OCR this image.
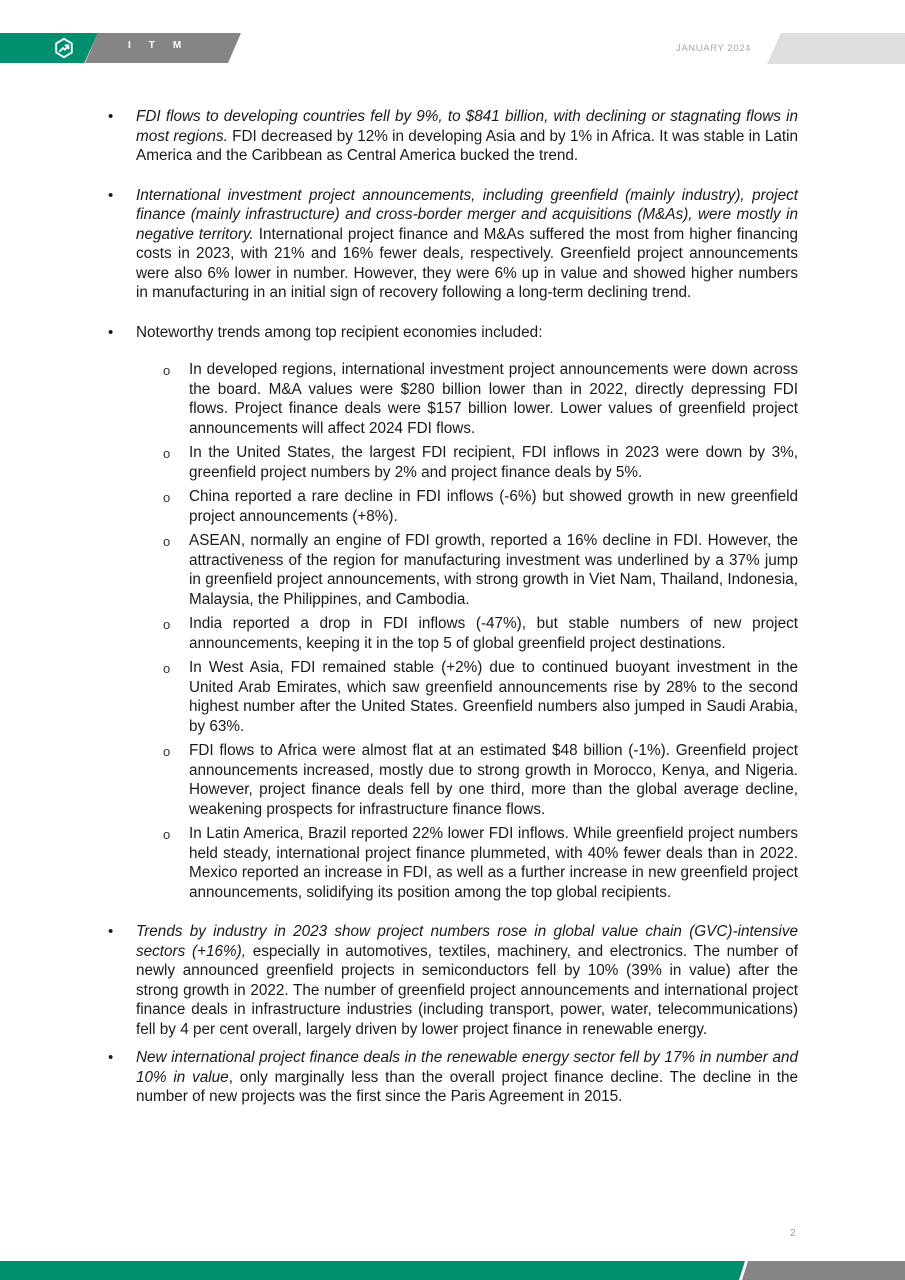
I T M	JANUARY 2024
• FDI flows to developing countries fell by 9%, to $841 billion, with declining or stagnating flows in most regions. FDI decreased by 12% in developing Asia and by 1% in Africa. It was stable in Latin America and the Caribbean as Central America bucked the trend.
• International investment project announcements, including greenfield (mainly industry), project finance (mainly infrastructure) and cross-border merger and acquisitions (M&As), were mostly in negative territory. International project finance and M&As suffered the most from higher financing costs in 2023, with 21% and 16% fewer deals, respectively. Greenfield project announcements were also 6% lower in number. However, they were 6% up in value and showed higher numbers in manufacturing in an initial sign of recovery following a long-term declining trend.
• Noteworthy trends among top recipient economies included:
o In developed regions, international investment project announcements were down across the board. M&A values were $280 billion lower than in 2022, directly depressing FDI flows. Project finance deals were $157 billion lower. Lower values of greenfield project announcements will affect 2024 FDI flows.
o In the United States, the largest FDI recipient, FDI inflows in 2023 were down by 3%, greenfield project numbers by 2% and project finance deals by 5%.
o China reported a rare decline in FDI inflows (-6%) but showed growth in new greenfield project announcements (+8%).
o ASEAN, normally an engine of FDI growth, reported a 16% decline in FDI. However, the attractiveness of the region for manufacturing investment was underlined by a 37% jump in greenfield project announcements, with strong growth in Viet Nam, Thailand, Indonesia, Malaysia, the Philippines, and Cambodia.
o India reported a drop in FDI inflows (-47%), but stable numbers of new project announcements, keeping it in the top 5 of global greenfield project destinations.
o In West Asia, FDI remained stable (+2%) due to continued buoyant investment in the United Arab Emirates, which saw greenfield announcements rise by 28% to the second highest number after the United States. Greenfield numbers also jumped in Saudi Arabia, by 63%.
o FDI flows to Africa were almost flat at an estimated $48 billion (-1%). Greenfield project announcements increased, mostly due to strong growth in Morocco, Kenya, and Nigeria. However, project finance deals fell by one third, more than the global average decline, weakening prospects for infrastructure finance flows.
o In Latin America, Brazil reported 22% lower FDI inflows. While greenfield project numbers held steady, international project finance plummeted, with 40% fewer deals than in 2022. Mexico reported an increase in FDI, as well as a further increase in new greenfield project announcements, solidifying its position among the top global recipients.
• Trends by industry in 2023 show project numbers rose in global value chain (GVC)-intensive sectors (+16%), especially in automotives, textiles, machinery, and electronics. The number of newly announced greenfield projects in semiconductors fell by 10% (39% in value) after the strong growth in 2022. The number of greenfield project announcements and international project finance deals in infrastructure industries (including transport, power, water, telecommunications) fell by 4 per cent overall, largely driven by lower project finance in renewable energy.
• New international project finance deals in the renewable energy sector fell by 17% in number and 10% in value, only marginally less than the overall project finance decline. The decline in the number of new projects was the first since the Paris Agreement in 2015.
2
